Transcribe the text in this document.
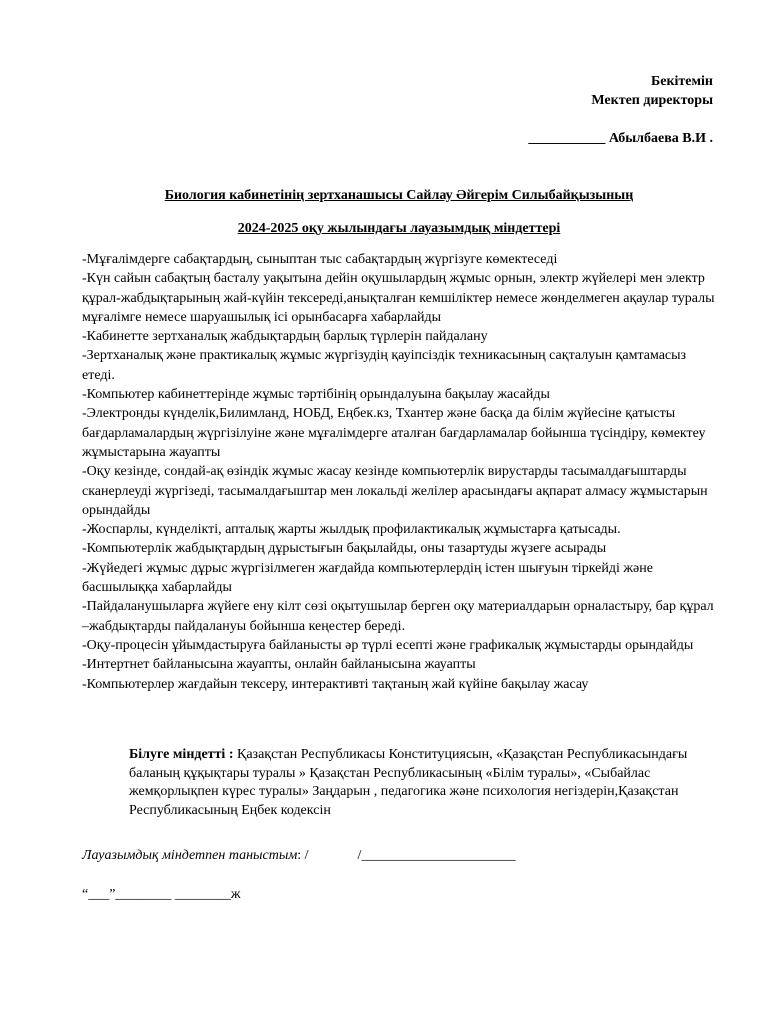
Бекітемін
Мектеп директоры
___________ Абылбаева В.И .
Биология кабинетінің зертханашысы Сайлау Әйгерім Силыбайқызының
2024-2025 оқу жылындағы лауазымдық міндеттері
-Мұғалімдерге сабақтардың, сыныптан тыс сабақтардың жүргізуге көмектеседі
-Күн сайын сабақтың басталу уақытына дейін оқушылардың жұмыс орнын, электр жүйелері мен электр құрал-жабдықтарының жай-күйін тексереді,анықталған кемшіліктер немесе жөнделмеген ақаулар туралы мұғалімге немесе шаруашылық ісі орынбасарға хабарлайды
-Кабинетте зертханалық жабдықтардың барлық түрлерін пайдалану
-Зертханалық және практикалық жұмыс жүргізудің қауіпсіздік техникасының сақталуын қамтамасыз етеді.
-Компьютер кабинеттерінде жұмыс тәртібінің орындалуына бақылау жасайды
-Электронды күнделік,Билимланд, НОБД, Еңбек.кз, Тхантер және басқа да білім жүйесіне қатысты бағдарламалардың жүргізілуіне және мұғалімдерге аталған бағдарламалар бойынша түсіндіру, көмектеу жұмыстарына жауапты
-Оқу кезінде, сондай-ақ өзіндік жұмыс жасау кезінде компьютерлік вирустарды тасымалдағыштарды сканерлеуді жүргізеді, тасымалдағыштар мен локальді желілер арасындағы ақпарат алмасу жұмыстарын орындайды
-Жоспарлы, күнделікті, апталық жарты жылдық профилактикалық жұмыстарға қатысады.
-Компьютерлік жабдықтардың дұрыстығын бақылайды, оны тазартуды жүзеге асырады
-Жүйедегі жұмыс дұрыс жүргізілмеген жағдайда компьютерлердің істен шығуын тіркейді және басшылыққа хабарлайды
-Пайдаланушыларға жүйеге ену кілт сөзі оқытушылар берген оқу материалдарын орналастыру, бар құрал –жабдықтарды пайдалануы бойынша кеңестер береді.
-Оқу-процесін ұйымдастыруға байланысты әр түрлі есепті және графикалық жұмыстарды орындайды
-Интертнет байланысына жауапты, онлайн байланысына жауапты
-Компьютерлер жағдайын тексеру, интерактивті тақтаның жай күйіне бақылау жасау
Білуге міндетті : Қазақстан Республикасы Конституциясын, «Қазақстан Республикасындағы баланың құқықтары туралы » Қазақстан Республикасының «Білім туралы», «Сыбайлас жемқорлықпен күрес туралы» Заңдарын , педагогика және психология негіздерін,Қазақстан Республикасының Еңбек кодексін
Лауазымдық міндетпен таныстым: /              /______________________
“___”________ ________ж
